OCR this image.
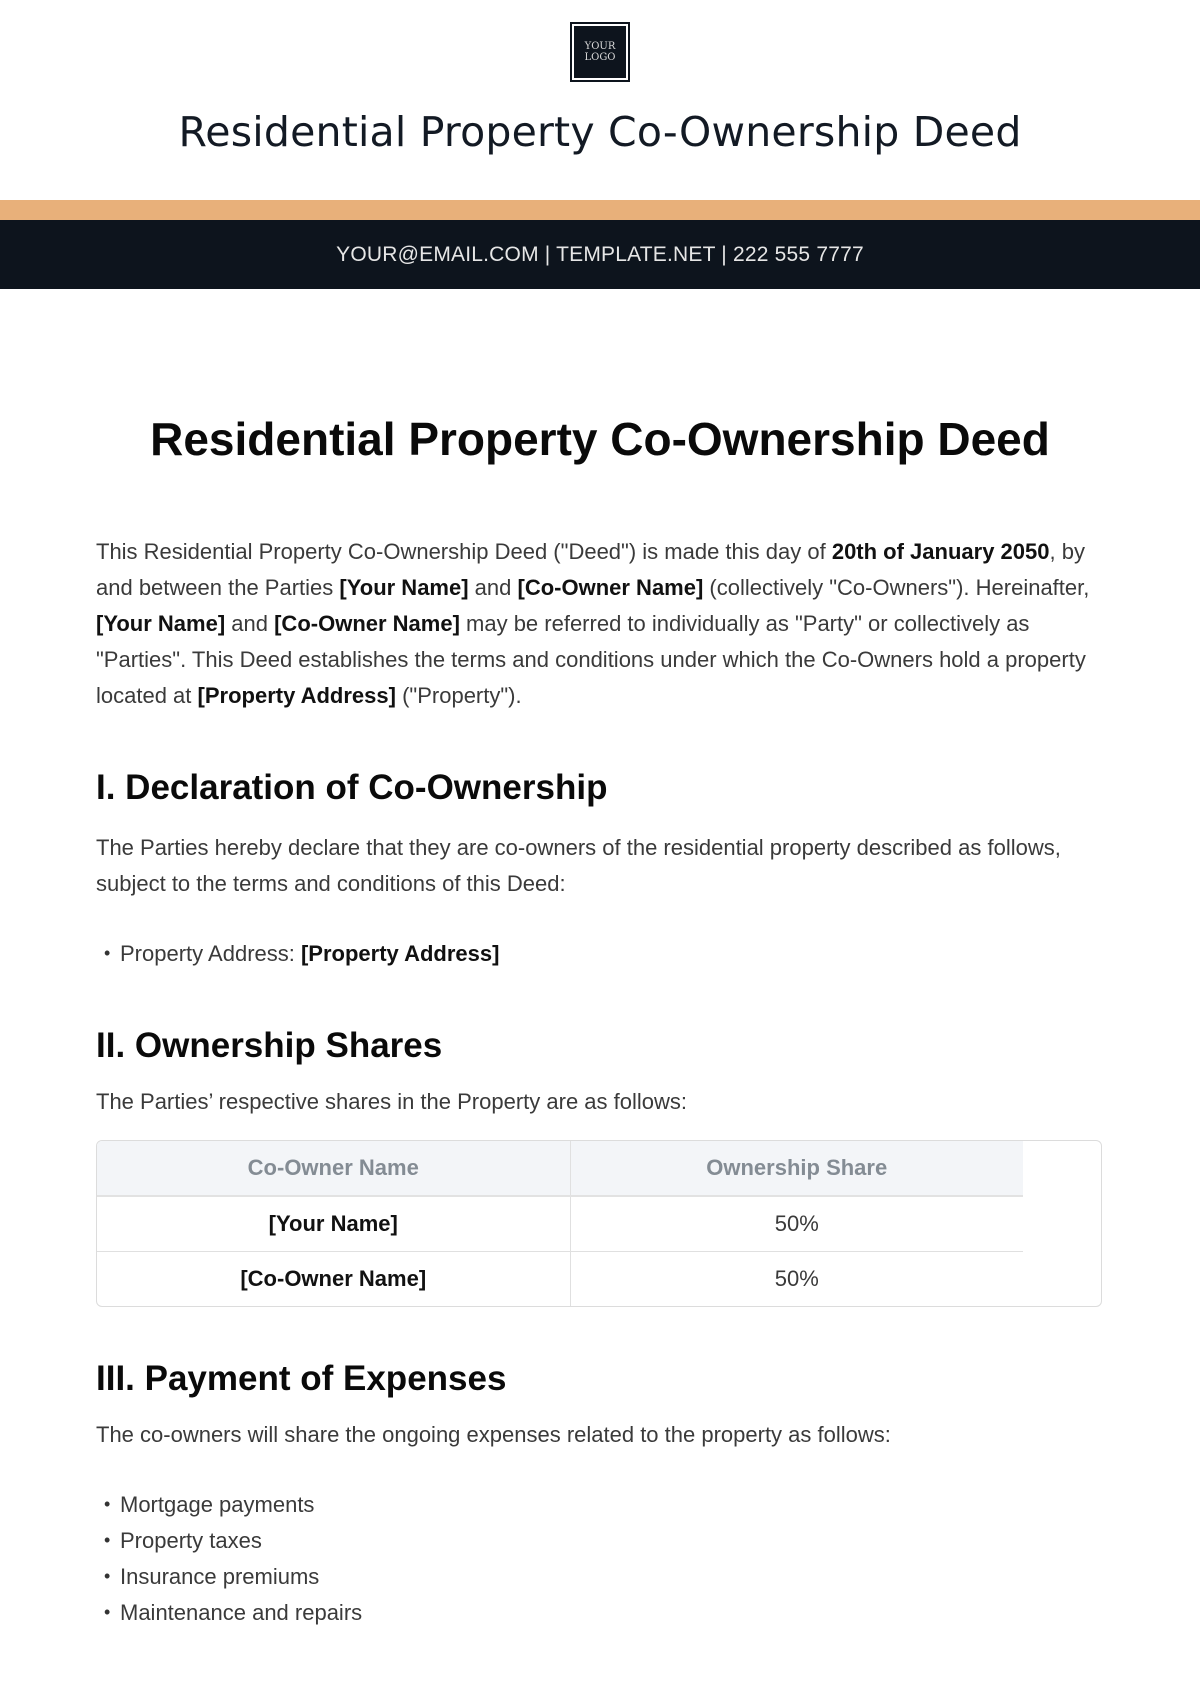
YOUR
LOGO
Residential Property Co-Ownership Deed
YOUR@EMAIL.COM | TEMPLATE.NET | 222 555 7777
Residential Property Co-Ownership Deed

This Residential Property Co-Ownership Deed ("Deed") is made this day of 20th of January 2050, by and between the Parties [Your Name] and [Co-Owner Name] (collectively "Co-Owners"). Hereinafter, [Your Name] and [Co-Owner Name] may be referred to individually as "Party" or collectively as "Parties". This Deed establishes the terms and conditions under which the Co-Owners hold a property located at [Property Address] ("Property").

I. Declaration of Co-Ownership

The Parties hereby declare that they are co-owners of the residential property described as follows, subject to the terms and conditions of this Deed:

• Property Address: [Property Address]
II. Ownership Shares

The Parties’ respective shares in the Property are as follows:

Co-Owner Name	Ownership Share
[Your Name]	50%
[Co-Owner Name]	50%
III. Payment of Expenses

The co-owners will share the ongoing expenses related to the property as follows:

• Mortgage payments
• Property taxes
• Insurance premiums
• Maintenance and repairs
